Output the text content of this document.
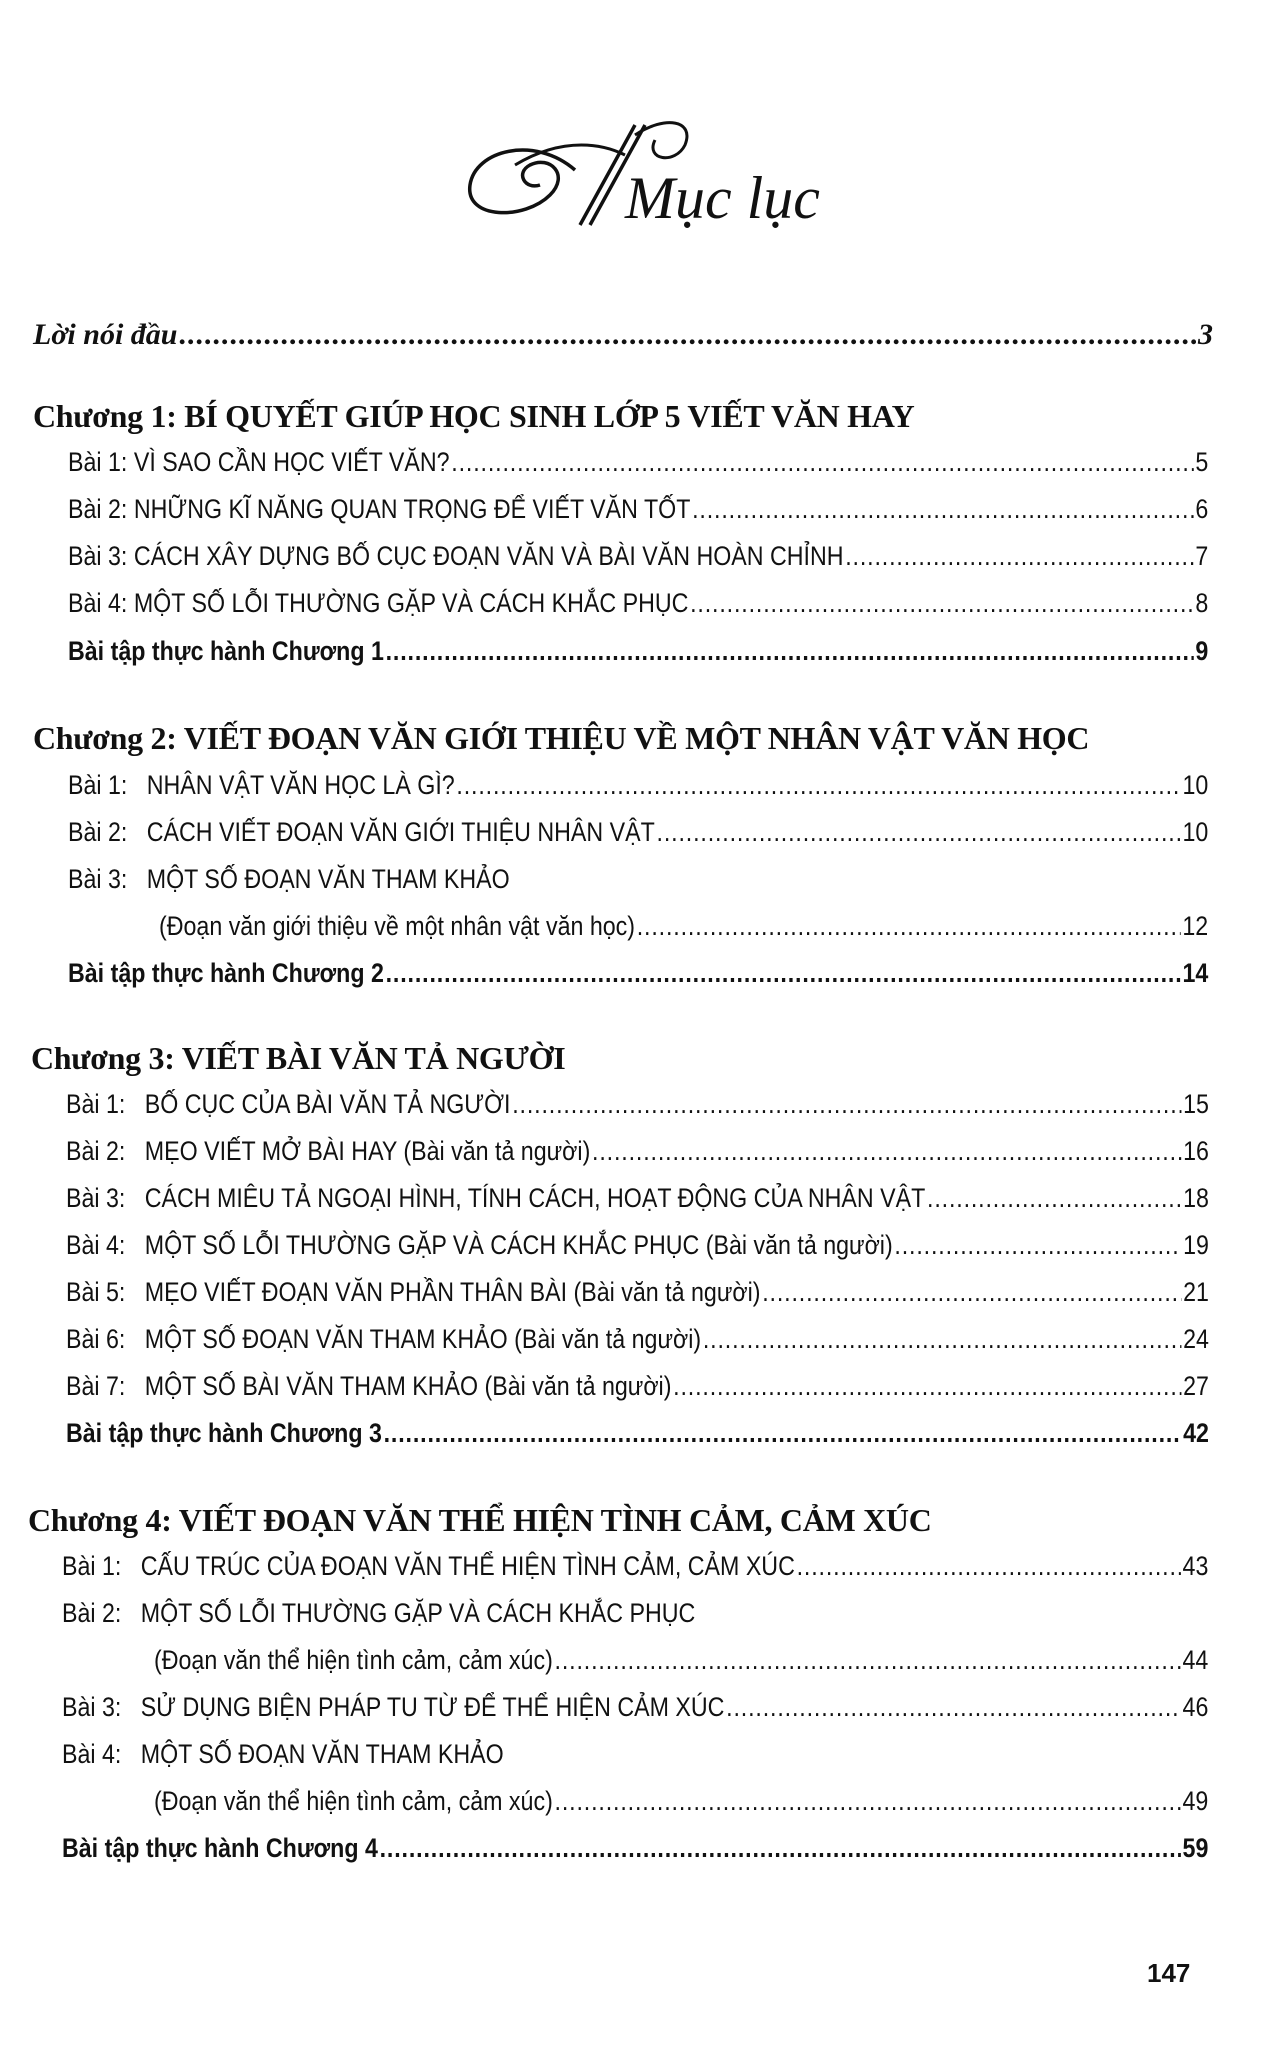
Mục lục
Lời nói đầu .....	3
Chương 1: BÍ QUYẾT GIÚP HỌC SINH LỚP 5 VIẾT VĂN HAY
Bài 1: VÌ SAO CẦN HỌC VIẾT VĂN? .....	5
Bài 2: NHỮNG KĨ NĂNG QUAN TRỌNG ĐỂ VIẾT VĂN TỐT .....	6
Bài 3: CÁCH XÂY DỰNG BỐ CỤC ĐOẠN VĂN VÀ BÀI VĂN HOÀN CHỈNH .....	7
Bài 4: MỘT SỐ LỖI THƯỜNG GẶP VÀ CÁCH KHẮC PHỤC .....	8
Bài tập thực hành Chương 1 .....	9
Chương 2: VIẾT ĐOẠN VĂN GIỚI THIỆU VỀ MỘT NHÂN VẬT VĂN HỌC
Bài 1: NHÂN VẬT VĂN HỌC LÀ GÌ? .....	10
Bài 2: CÁCH VIẾT ĐOẠN VĂN GIỚI THIỆU NHÂN VẬT .....	10
Bài 3: MỘT SỐ ĐOẠN VĂN THAM KHẢO
(Đoạn văn giới thiệu về một nhân vật văn học) .....	12
Bài tập thực hành Chương 2 .....	14
Chương 3: VIẾT BÀI VĂN TẢ NGƯỜI
Bài 1: BỐ CỤC CỦA BÀI VĂN TẢ NGƯỜI .....	15
Bài 2: MẸO VIẾT MỞ BÀI HAY (Bài văn tả người) .....	16
Bài 3: CÁCH MIÊU TẢ NGOẠI HÌNH, TÍNH CÁCH, HOẠT ĐỘNG CỦA NHÂN VẬT .....	18
Bài 4: MỘT SỐ LỖI THƯỜNG GẶP VÀ CÁCH KHẮC PHỤC (Bài văn tả người) .....	19
Bài 5: MẸO VIẾT ĐOẠN VĂN PHẦN THÂN BÀI (Bài văn tả người) .....	21
Bài 6: MỘT SỐ ĐOẠN VĂN THAM KHẢO (Bài văn tả người) .....	24
Bài 7: MỘT SỐ BÀI VĂN THAM KHẢO (Bài văn tả người) .....	27
Bài tập thực hành Chương 3 .....	42
Chương 4: VIẾT ĐOẠN VĂN THỂ HIỆN TÌNH CẢM, CẢM XÚC
Bài 1: CẤU TRÚC CỦA ĐOẠN VĂN THỂ HIỆN TÌNH CẢM, CẢM XÚC .....	43
Bài 2: MỘT SỐ LỖI THƯỜNG GẶP VÀ CÁCH KHẮC PHỤC
(Đoạn văn thể hiện tình cảm, cảm xúc) .....	44
Bài 3: SỬ DỤNG BIỆN PHÁP TU TỪ ĐỂ THỂ HIỆN CẢM XÚC .....	46
Bài 4: MỘT SỐ ĐOẠN VĂN THAM KHẢO
(Đoạn văn thể hiện tình cảm, cảm xúc) .....	49
Bài tập thực hành Chương 4 .....	59
147
